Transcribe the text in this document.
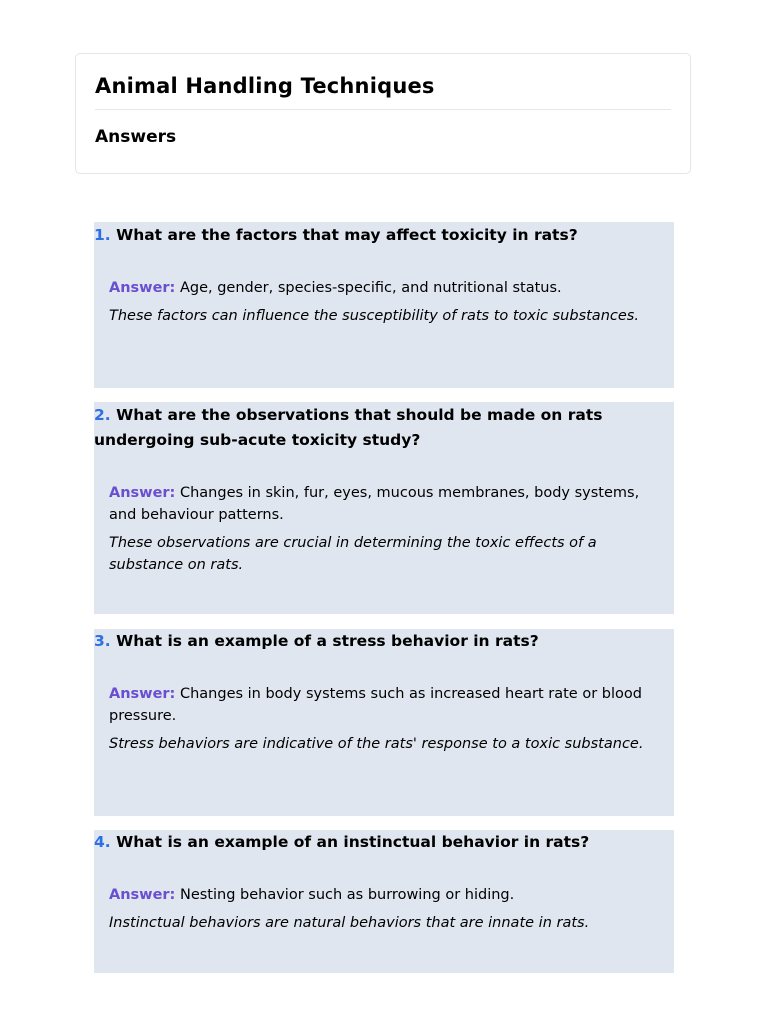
Animal Handling Techniques
Answers

1. What are the factors that may affect toxicity in rats?

Answer: Age, gender, species-specific, and nutritional status.

These factors can influence the susceptibility of rats to toxic substances.

2. What are the observations that should be made on rats undergoing sub-acute toxicity study?

Answer: Changes in skin, fur, eyes, mucous membranes, body systems, and behaviour patterns.

These observations are crucial in determining the toxic effects of a substance on rats.

3. What is an example of a stress behavior in rats?

Answer: Changes in body systems such as increased heart rate or blood pressure.

Stress behaviors are indicative of the rats' response to a toxic substance.

4. What is an example of an instinctual behavior in rats?

Answer: Nesting behavior such as burrowing or hiding.

Instinctual behaviors are natural behaviors that are innate in rats.
